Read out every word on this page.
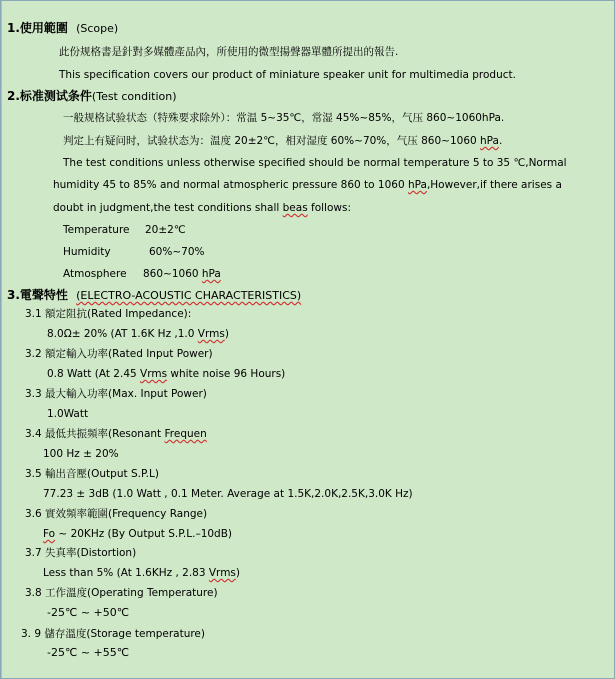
1.使用範圍 (Scope)
此份规格書是針對多媒體產品內，所使用的微型揚聲器單體所提出的報告.
This specification covers our product of miniature speaker unit for multimedia product.
2.标准测试条件(Test condition)
一般规格试验状态（特殊要求除外）：常温 5~35℃，常湿 45%~85%，气压 860~1060hPa.
判定上有疑问时，试验状态为：温度 20±2℃，相对湿度 60%~70%，气压 860~1060 hPa.
The test conditions unless otherwise specified should be normal temperature 5 to 35 ℃,Normal
humidity 45 to 85% and normal atmospheric pressure 860 to 1060 hPa,However,if there arises a
doubt in judgment,the test conditions shall beas follows:
Temperature 20±2℃
Humidity	60%~70%
Atmosphere 860~1060 hPa
3.電聲特性 (ELECTRO-ACOUSTIC CHARACTERISTICS)
3.1 額定阻抗(Rated Impedance):
8.0Ω± 20% (AT 1.6K Hz ,1.0 Vrms)
3.2 額定輸入功率(Rated Input Power)
0.8 Watt (At 2.45 Vrms white noise 96 Hours)
3.3 最大輸入功率(Max. Input Power)
1.0Watt
3.4 最低共振頻率(Resonant Frequen
100 Hz ± 20%
3.5 輸出音壓(Output S.P.L)
77.23 ± 3dB (1.0 Watt , 0.1 Meter. Average at 1.5K,2.0K,2.5K,3.0K Hz)
3.6 實效頻率範圍(Frequency Range)
Fo ~ 20KHz (By Output S.P.L.–10dB)
3.7 失真率(Distortion)
Less than 5% (At 1.6KHz , 2.83 Vrms)
3.8 工作溫度(Operating Temperature)
-25℃ ~ +50℃
3. 9 儲存溫度(Storage temperature)
-25℃ ~ +55℃
